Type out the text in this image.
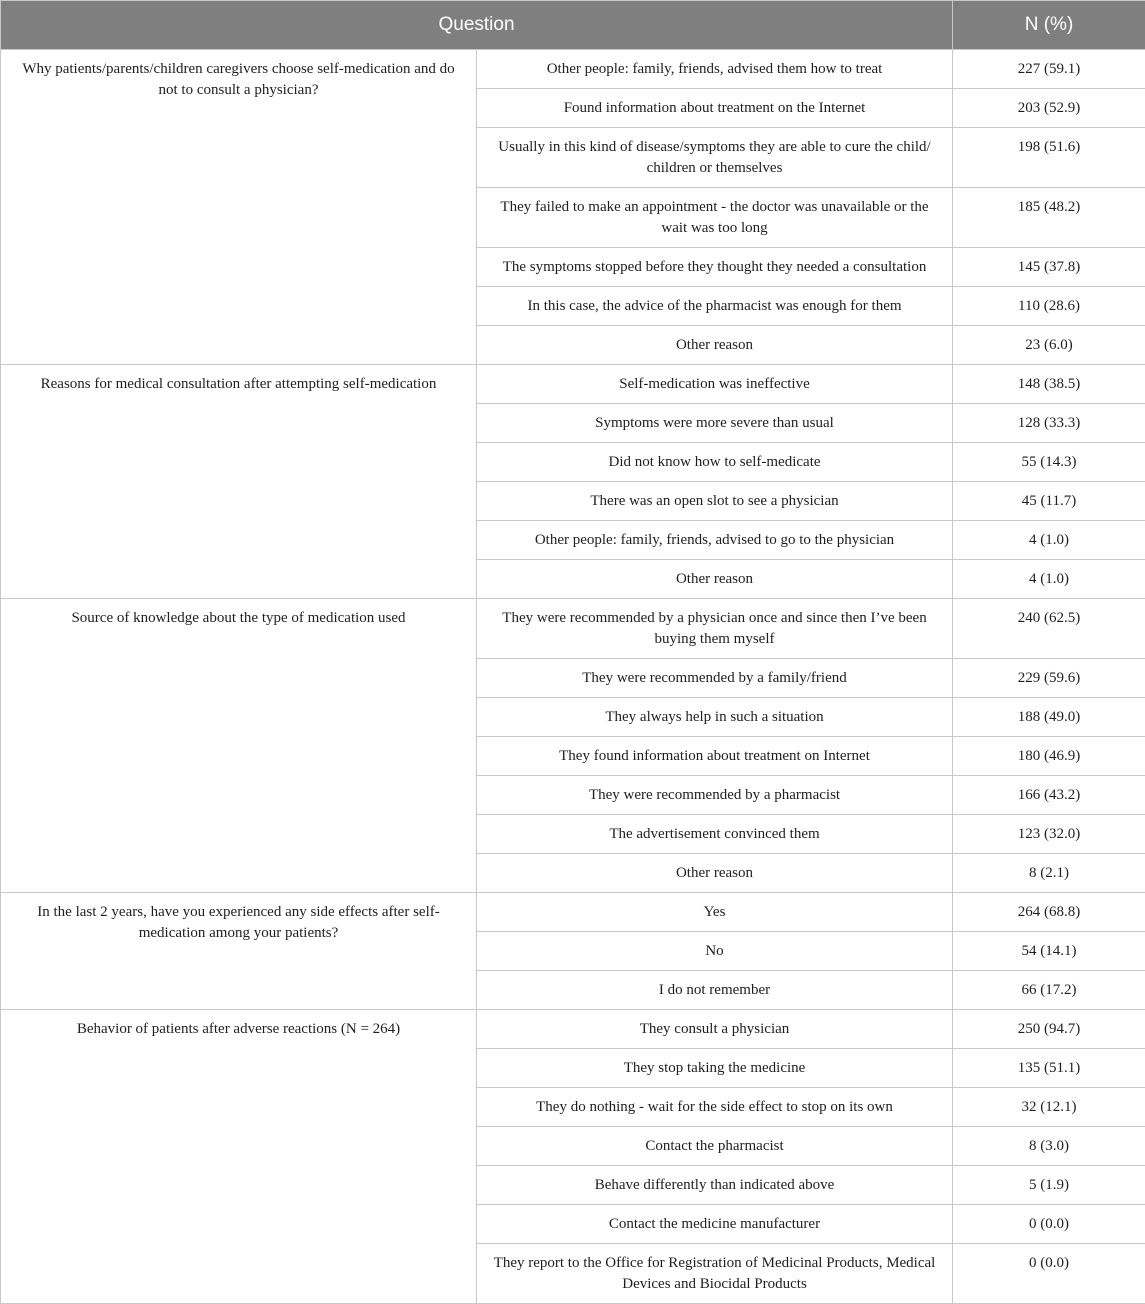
Question		N (%)
Why patients/parents/children caregivers choose self-medication and do not to consult a physician?	Other people: family, friends, advised them how to treat	227 (59.1)
	Found information about treatment on the Internet	203 (52.9)
	Usually in this kind of disease/symptoms they are able to cure the child/ children or themselves	198 (51.6)
	They failed to make an appointment - the doctor was unavailable or the wait was too long	185 (48.2)
	The symptoms stopped before they thought they needed a consultation	145 (37.8)
	In this case, the advice of the pharmacist was enough for them	110 (28.6)
	Other reason	23 (6.0)
Reasons for medical consultation after attempting self-medication	Self-medication was ineffective	148 (38.5)
	Symptoms were more severe than usual	128 (33.3)
	Did not know how to self-medicate	55 (14.3)
	There was an open slot to see a physician	45 (11.7)
	Other people: family, friends, advised to go to the physician	4 (1.0)
	Other reason	4 (1.0)
Source of knowledge about the type of medication used	They were recommended by a physician once and since then I’ve been buying them myself	240 (62.5)
	They were recommended by a family/friend	229 (59.6)
	They always help in such a situation	188 (49.0)
	They found information about treatment on Internet	180 (46.9)
	They were recommended by a pharmacist	166 (43.2)
	The advertisement convinced them	123 (32.0)
	Other reason	8 (2.1)
In the last 2 years, have you experienced any side effects after self-medication among your patients?	Yes	264 (68.8)
	No	54 (14.1)
	I do not remember	66 (17.2)
Behavior of patients after adverse reactions (N = 264)	They consult a physician	250 (94.7)
	They stop taking the medicine	135 (51.1)
	They do nothing - wait for the side effect to stop on its own	32 (12.1)
	Contact the pharmacist	8 (3.0)
	Behave differently than indicated above	5 (1.9)
	Contact the medicine manufacturer	0 (0.0)
	They report to the Office for Registration of Medicinal Products, Medical Devices and Biocidal Products	0 (0.0)
